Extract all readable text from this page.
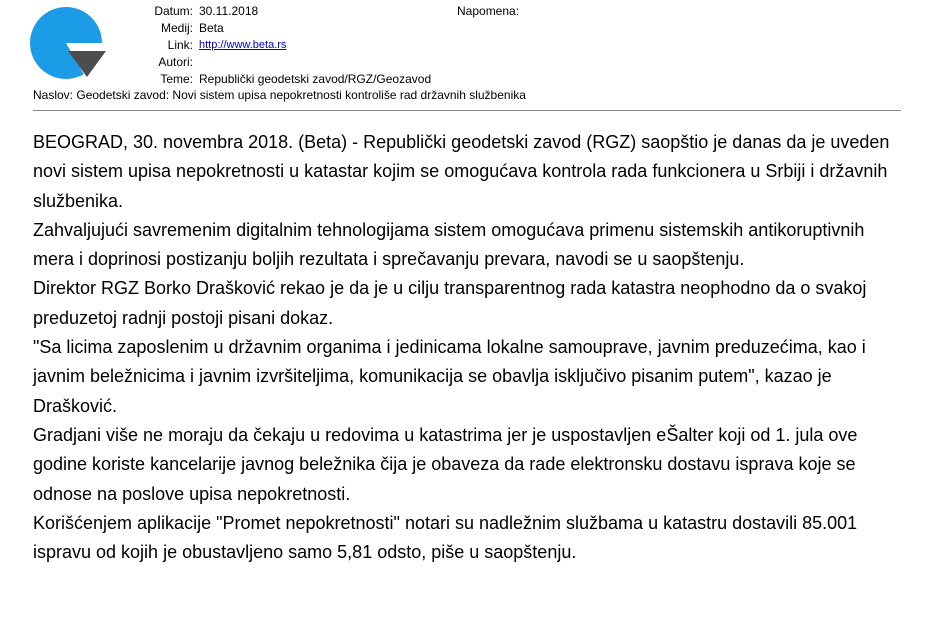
Datum: 30.11.2018	Napomena:
Medij: Beta
Link: http://www.beta.rs
Autori:
Teme: Republički geodetski zavod/RGZ/Geozavod
Naslov: Geodetski zavod: Novi sistem upisa nepokretnosti kontroliše rad državnih službenika

BEOGRAD, 30. novembra 2018. (Beta) - Republički geodetski zavod (RGZ) saopštio je danas da je uveden novi sistem upisa nepokretnosti u katastar kojim se omogućava kontrola rada funkcionera u Srbiji i državnih službenika.

Zahvaljujući savremenim digitalnim tehnologijama sistem omogućava primenu sistemskih antikoruptivnih mera i doprinosi postizanju boljih rezultata i sprečavanju prevara, navodi se u saopštenju.

Direktor RGZ Borko Drašković rekao je da je u cilju transparentnog rada katastra neophodno da o svakoj preduzetoj radnji postoji pisani dokaz.

"Sa licima zaposlenim u državnim organima i jedinicama lokalne samouprave, javnim preduzećima, kao i javnim beležnicima i javnim izvršiteljima, komunikacija se obavlja isključivo pisanim putem", kazao je Drašković.

Gradjani više ne moraju da čekaju u redovima u katastrima jer je uspostavljen eŠalter koji od 1. jula ove godine koriste kancelarije javnog beležnika čija je obaveza da rade elektronsku dostavu isprava koje se odnose na poslove upisa nepokretnosti.

Korišćenjem aplikacije "Promet nepokretnosti" notari su nadležnim službama u katastru dostavili 85.001 ispravu od kojih je obustavljeno samo 5,81 odsto, piše u saopštenju.
